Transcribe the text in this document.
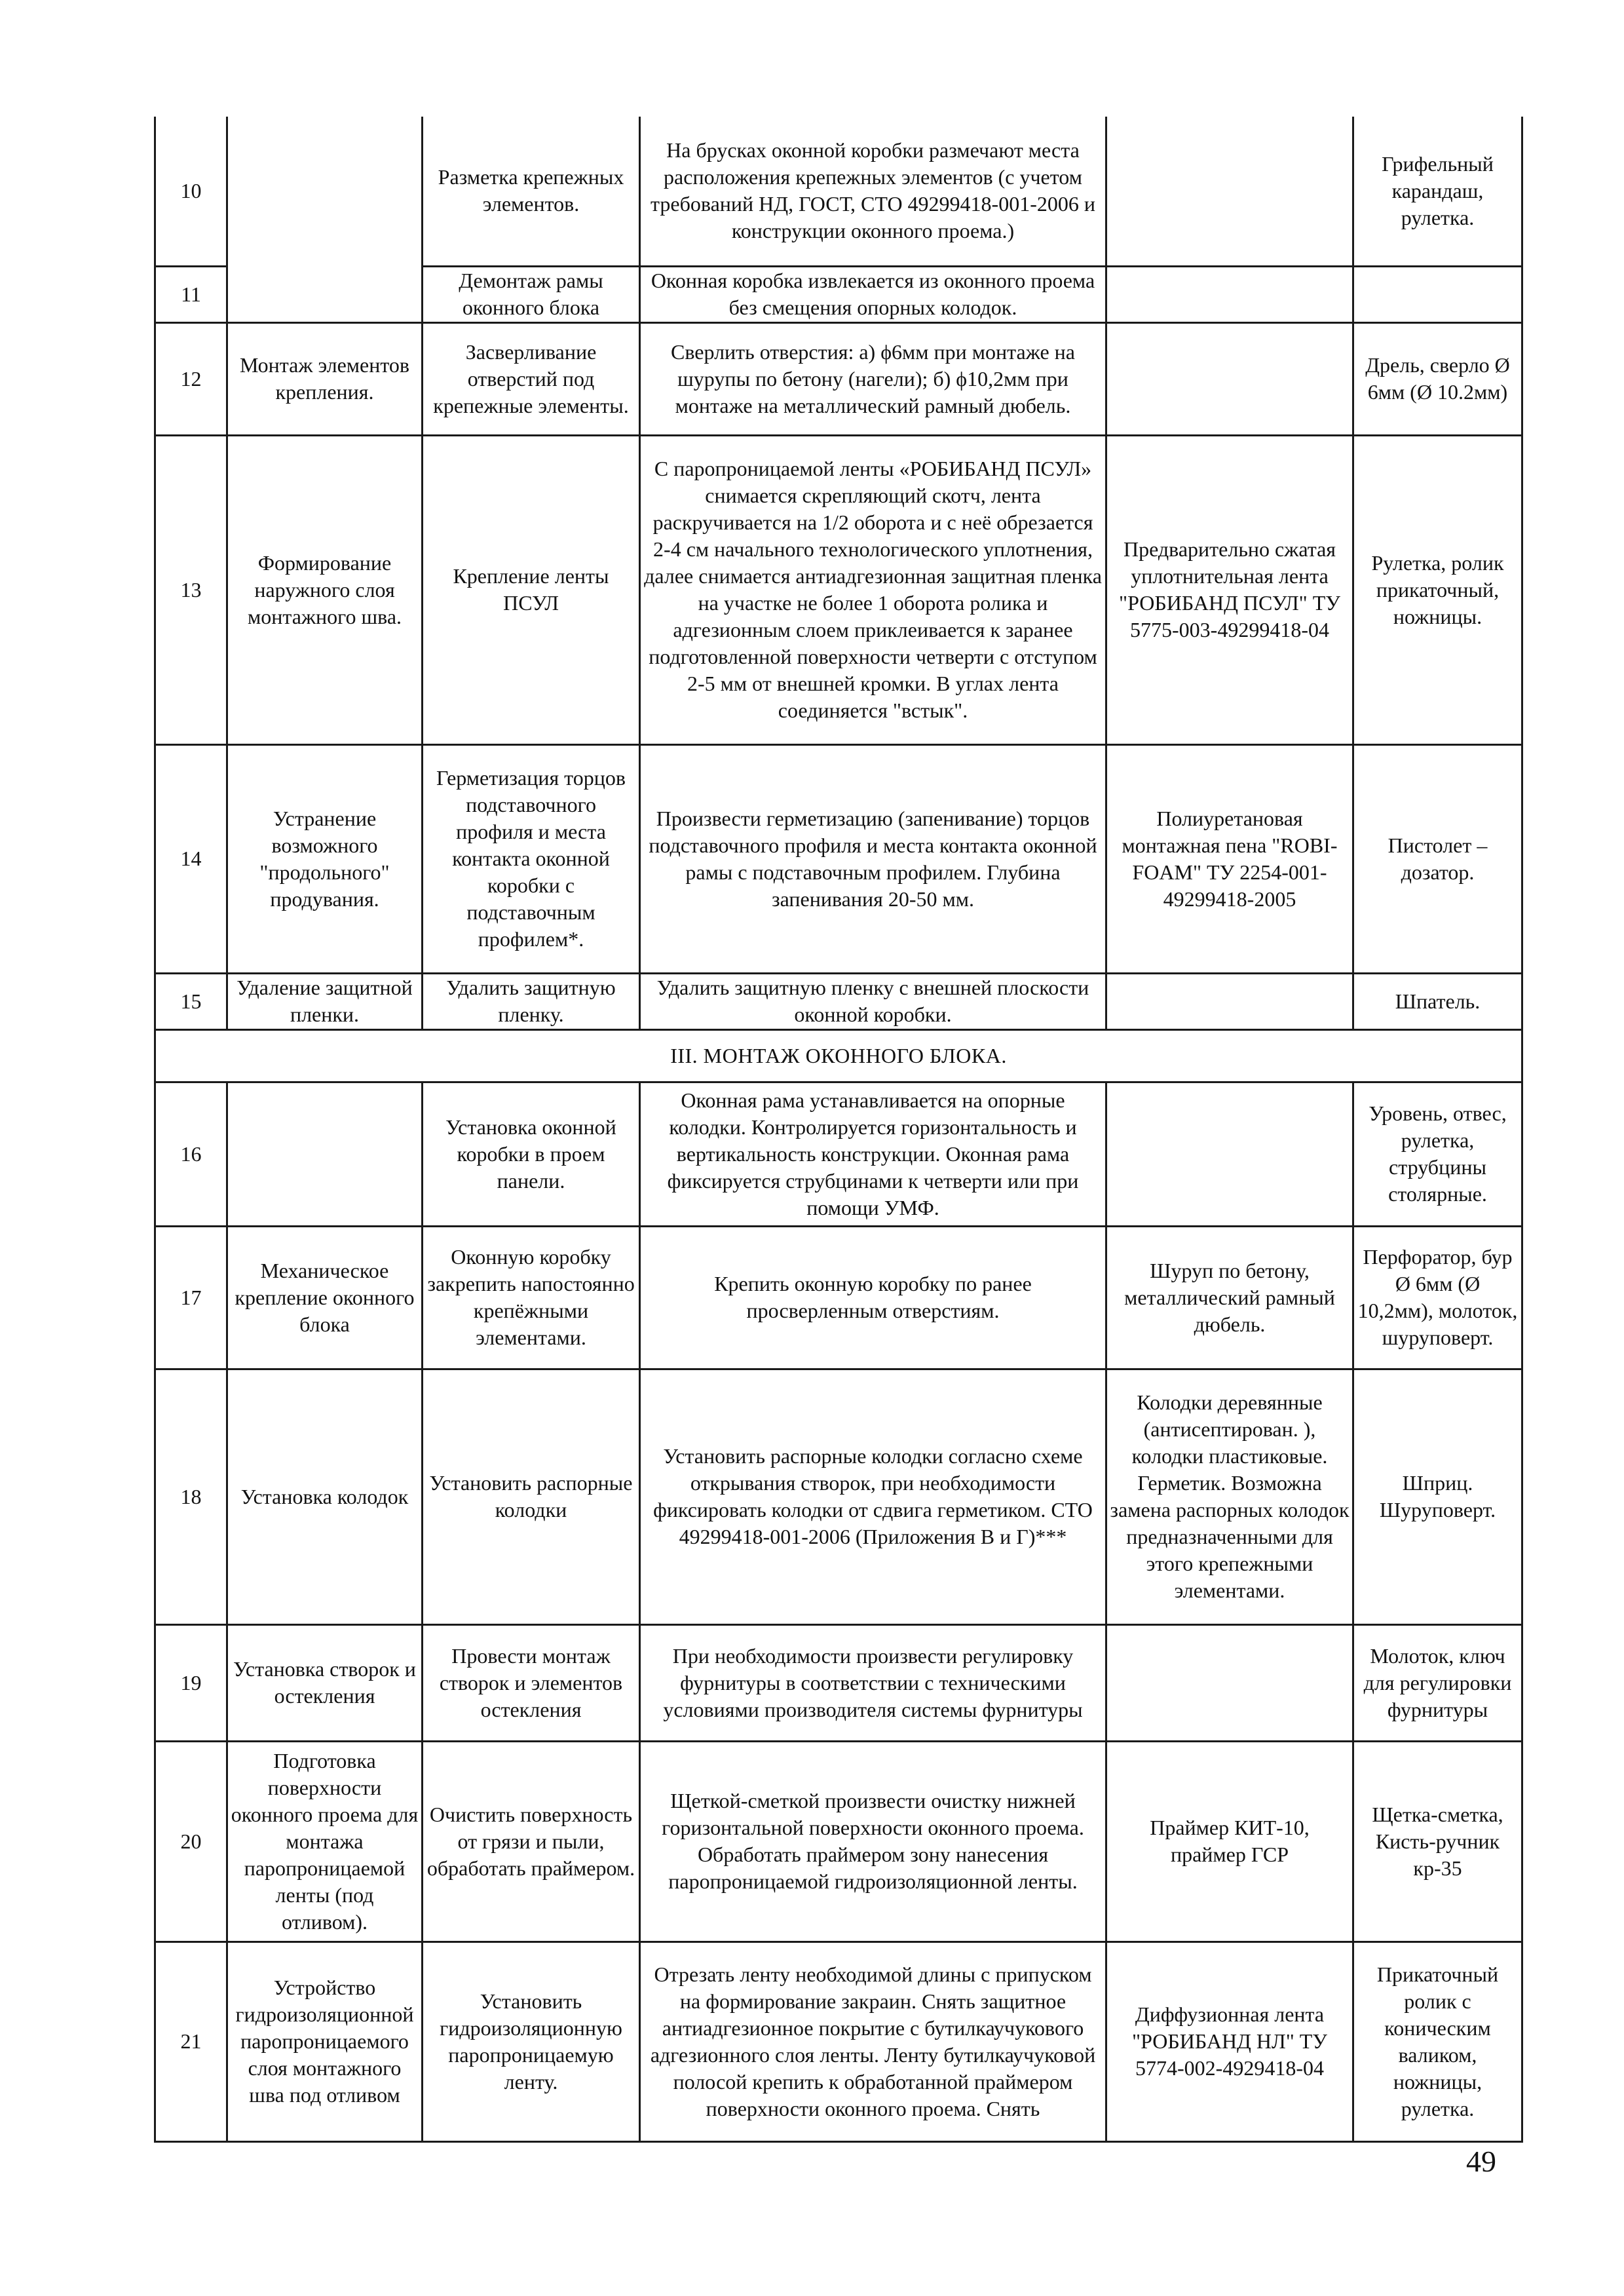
10		Разметка крепежных элементов.	На брусках оконной коробки размечают места расположения крепежных элементов (с учетом требований НД, ГОСТ, СТО 49299418-001-2006 и конструкции оконного проема.)		Грифельный карандаш, рулетка.
11		Демонтаж рамы оконного блока	Оконная коробка извлекается из оконного проема без смещения опорных колодок.		
12	Монтаж элементов крепления.	Засверливание отверстий под крепежные элементы.	Сверлить отверстия: а) ϕ6мм при монтаже на шурупы по бетону (нагели); б) ϕ10,2мм при монтаже на металлический рамный дюбель.		Дрель, сверло Ø 6мм (Ø 10.2мм)
13	Формирование наружного слоя монтажного шва.	Крепление ленты ПСУЛ	С паропроницаемой ленты «РОБИБАНД ПСУЛ» снимается скрепляющий скотч, лента раскручивается на 1/2 оборота и с неё обрезается 2-4 см начального технологического уплотнения, далее снимается антиадгезионная защитная пленка на участке не более 1 оборота ролика и адгезионным слоем приклеивается к заранее подготовленной поверхности четверти с отступом 2-5 мм от внешней кромки. В углах лента соединяется "встык".	Предварительно сжатая уплотнительная лента "РОБИБАНД ПСУЛ" ТУ 5775-003-49299418-04	Рулетка, ролик прикаточный, ножницы.
14	Устранение возможного "продольного" продувания.	Герметизация торцов подставочного профиля и места контакта оконной коробки с подставочным профилем*.	Произвести герметизацию (запенивание) торцов подставочного профиля и места контакта оконной рамы с подставочным профилем. Глубина запенивания 20-50 мм.	Полиуретановая монтажная пена "ROBI-FOAM" ТУ 2254-001-49299418-2005	Пистолет – дозатор.
15	Удаление защитной пленки.	Удалить защитную пленку.	Удалить защитную пленку с внешней плоскости оконной коробки.		Шпатель.
III. МОНТАЖ ОКОННОГО БЛОКА.					
16		Установка оконной коробки в проем панели.	Оконная рама устанавливается на опорные колодки. Контролируется горизонтальность и вертикальность конструкции. Оконная рама фиксируется струбцинами к четверти или при помощи УМФ.		Уровень, отвес, рулетка, струбцины столярные.
17	Механическое крепление оконного блока	Оконную коробку закрепить напостоянно крепёжными элементами.	Крепить оконную коробку по ранее просверленным отверстиям.	Шуруп по бетону, металлический рамный дюбель.	Перфоратор, бур Ø 6мм (Ø 10,2мм), молоток, шуруповерт.
18	Установка колодок	Установить распорные колодки	Установить распорные колодки согласно схеме открывания створок, при необходимости фиксировать колодки от сдвига герметиком. СТО 49299418-001-2006 (Приложения В и Г)***	Колодки деревянные (антисептирован. ), колодки пластиковые. Герметик. Возможна замена распорных колодок предназначенными для этого крепежными элементами.	Шприц. Шуруповерт.
19	Установка створок и остекления	Провести монтаж створок и элементов остекления	При необходимости произвести регулировку фурнитуры в соответствии с техническими условиями производителя системы фурнитуры		Молоток, ключ для регулировки фурнитуры
20	Подготовка поверхности оконного проема для монтажа паропроницаемой ленты (под отливом).	Очистить поверхность от грязи и пыли, обработать праймером.	Щеткой-сметкой произвести очистку нижней горизонтальной поверхности оконного проема. Обработать праймером зону нанесения паропроницаемой гидроизоляционной ленты.	Праймер КИТ-10, праймер ГСР	Щетка-сметка, Кисть-ручник кр-35
21	Устройство гидроизоляционной паропроницаемого слоя монтажного шва под отливом	Установить гидроизоляционную паропроницаемую ленту.	Отрезать ленту необходимой длины с припуском на формирование закраин. Снять защитное антиадгезионное покрытие с бутилкаучукового адгезионного слоя ленты. Ленту бутилкаучуковой полосой крепить к обработанной праймером поверхности оконного проема. Снять	Диффузионная лента "РОБИБАНД НЛ" ТУ 5774-002-4929418-04	Прикаточный ролик с коническим валиком, ножницы, рулетка.
49
